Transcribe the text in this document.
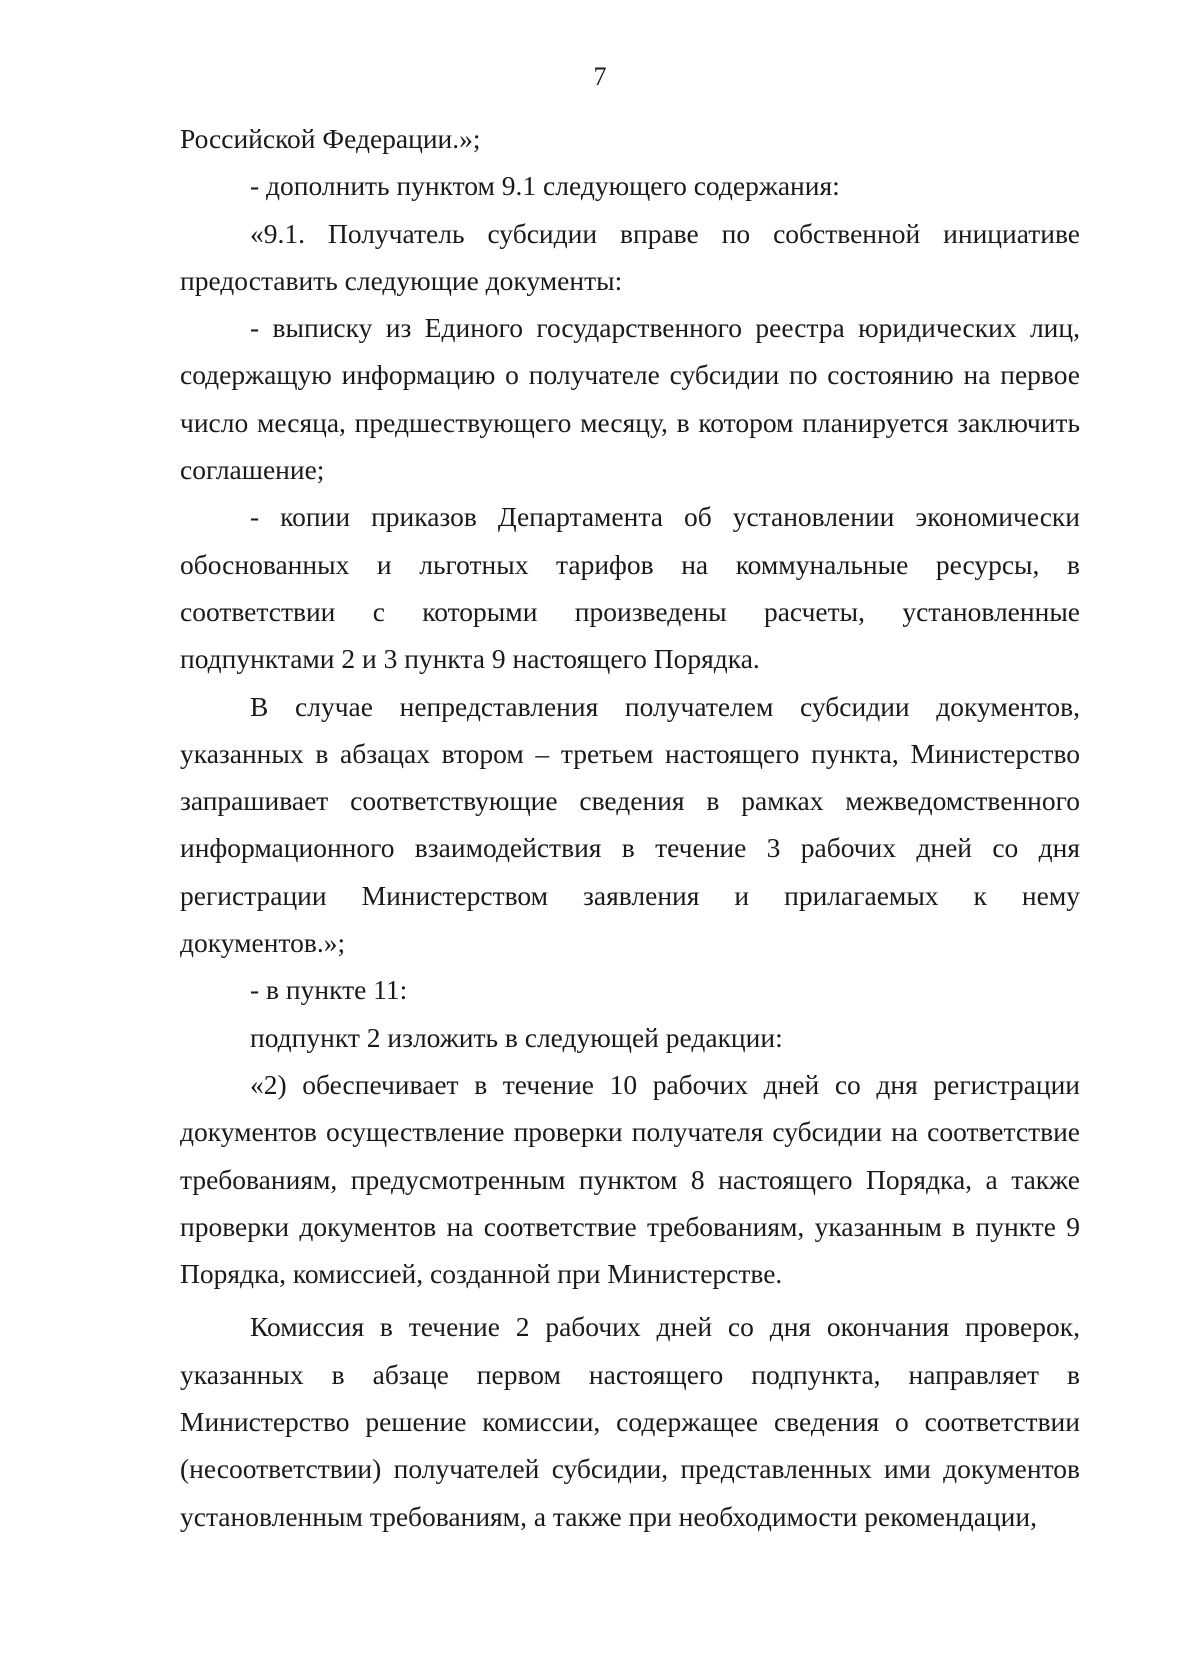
7

Российской Федерации.»;

- дополнить пунктом 9.1 следующего содержания:

«9.1. Получатель субсидии вправе по собственной инициативе предоставить следующие документы:

- выписку из Единого государственного реестра юридических лиц, содержащую информацию о получателе субсидии по состоянию на первое число месяца, предшествующего месяцу, в котором планируется заключить соглашение;

- копии приказов Департамента об установлении экономически обоснованных и льготных тарифов на коммунальные ресурсы, в соответствии с которыми произведены расчеты, установленные подпунктами 2 и 3 пункта 9 настоящего Порядка.

В случае непредставления получателем субсидии документов, указанных в абзацах втором – третьем настоящего пункта, Министерство запрашивает соответствующие сведения в рамках межведомственного информационного взаимодействия в течение 3 рабочих дней со дня регистрации Министерством заявления и прилагаемых к нему документов.»;

- в пункте 11:

подпункт 2 изложить в следующей редакции:

«2) обеспечивает в течение 10 рабочих дней со дня регистрации документов осуществление проверки получателя субсидии на соответствие требованиям, предусмотренным пунктом 8 настоящего Порядка, а также проверки документов на соответствие требованиям, указанным в пункте 9 Порядка, комиссией, созданной при Министерстве.

Комиссия в течение 2 рабочих дней со дня окончания проверок, указанных в абзаце первом настоящего подпункта, направляет в Министерство решение комиссии, содержащее сведения о соответствии (несоответствии) получателей субсидии, представленных ими документов установленным требованиям, а также при необходимости рекомендации,
